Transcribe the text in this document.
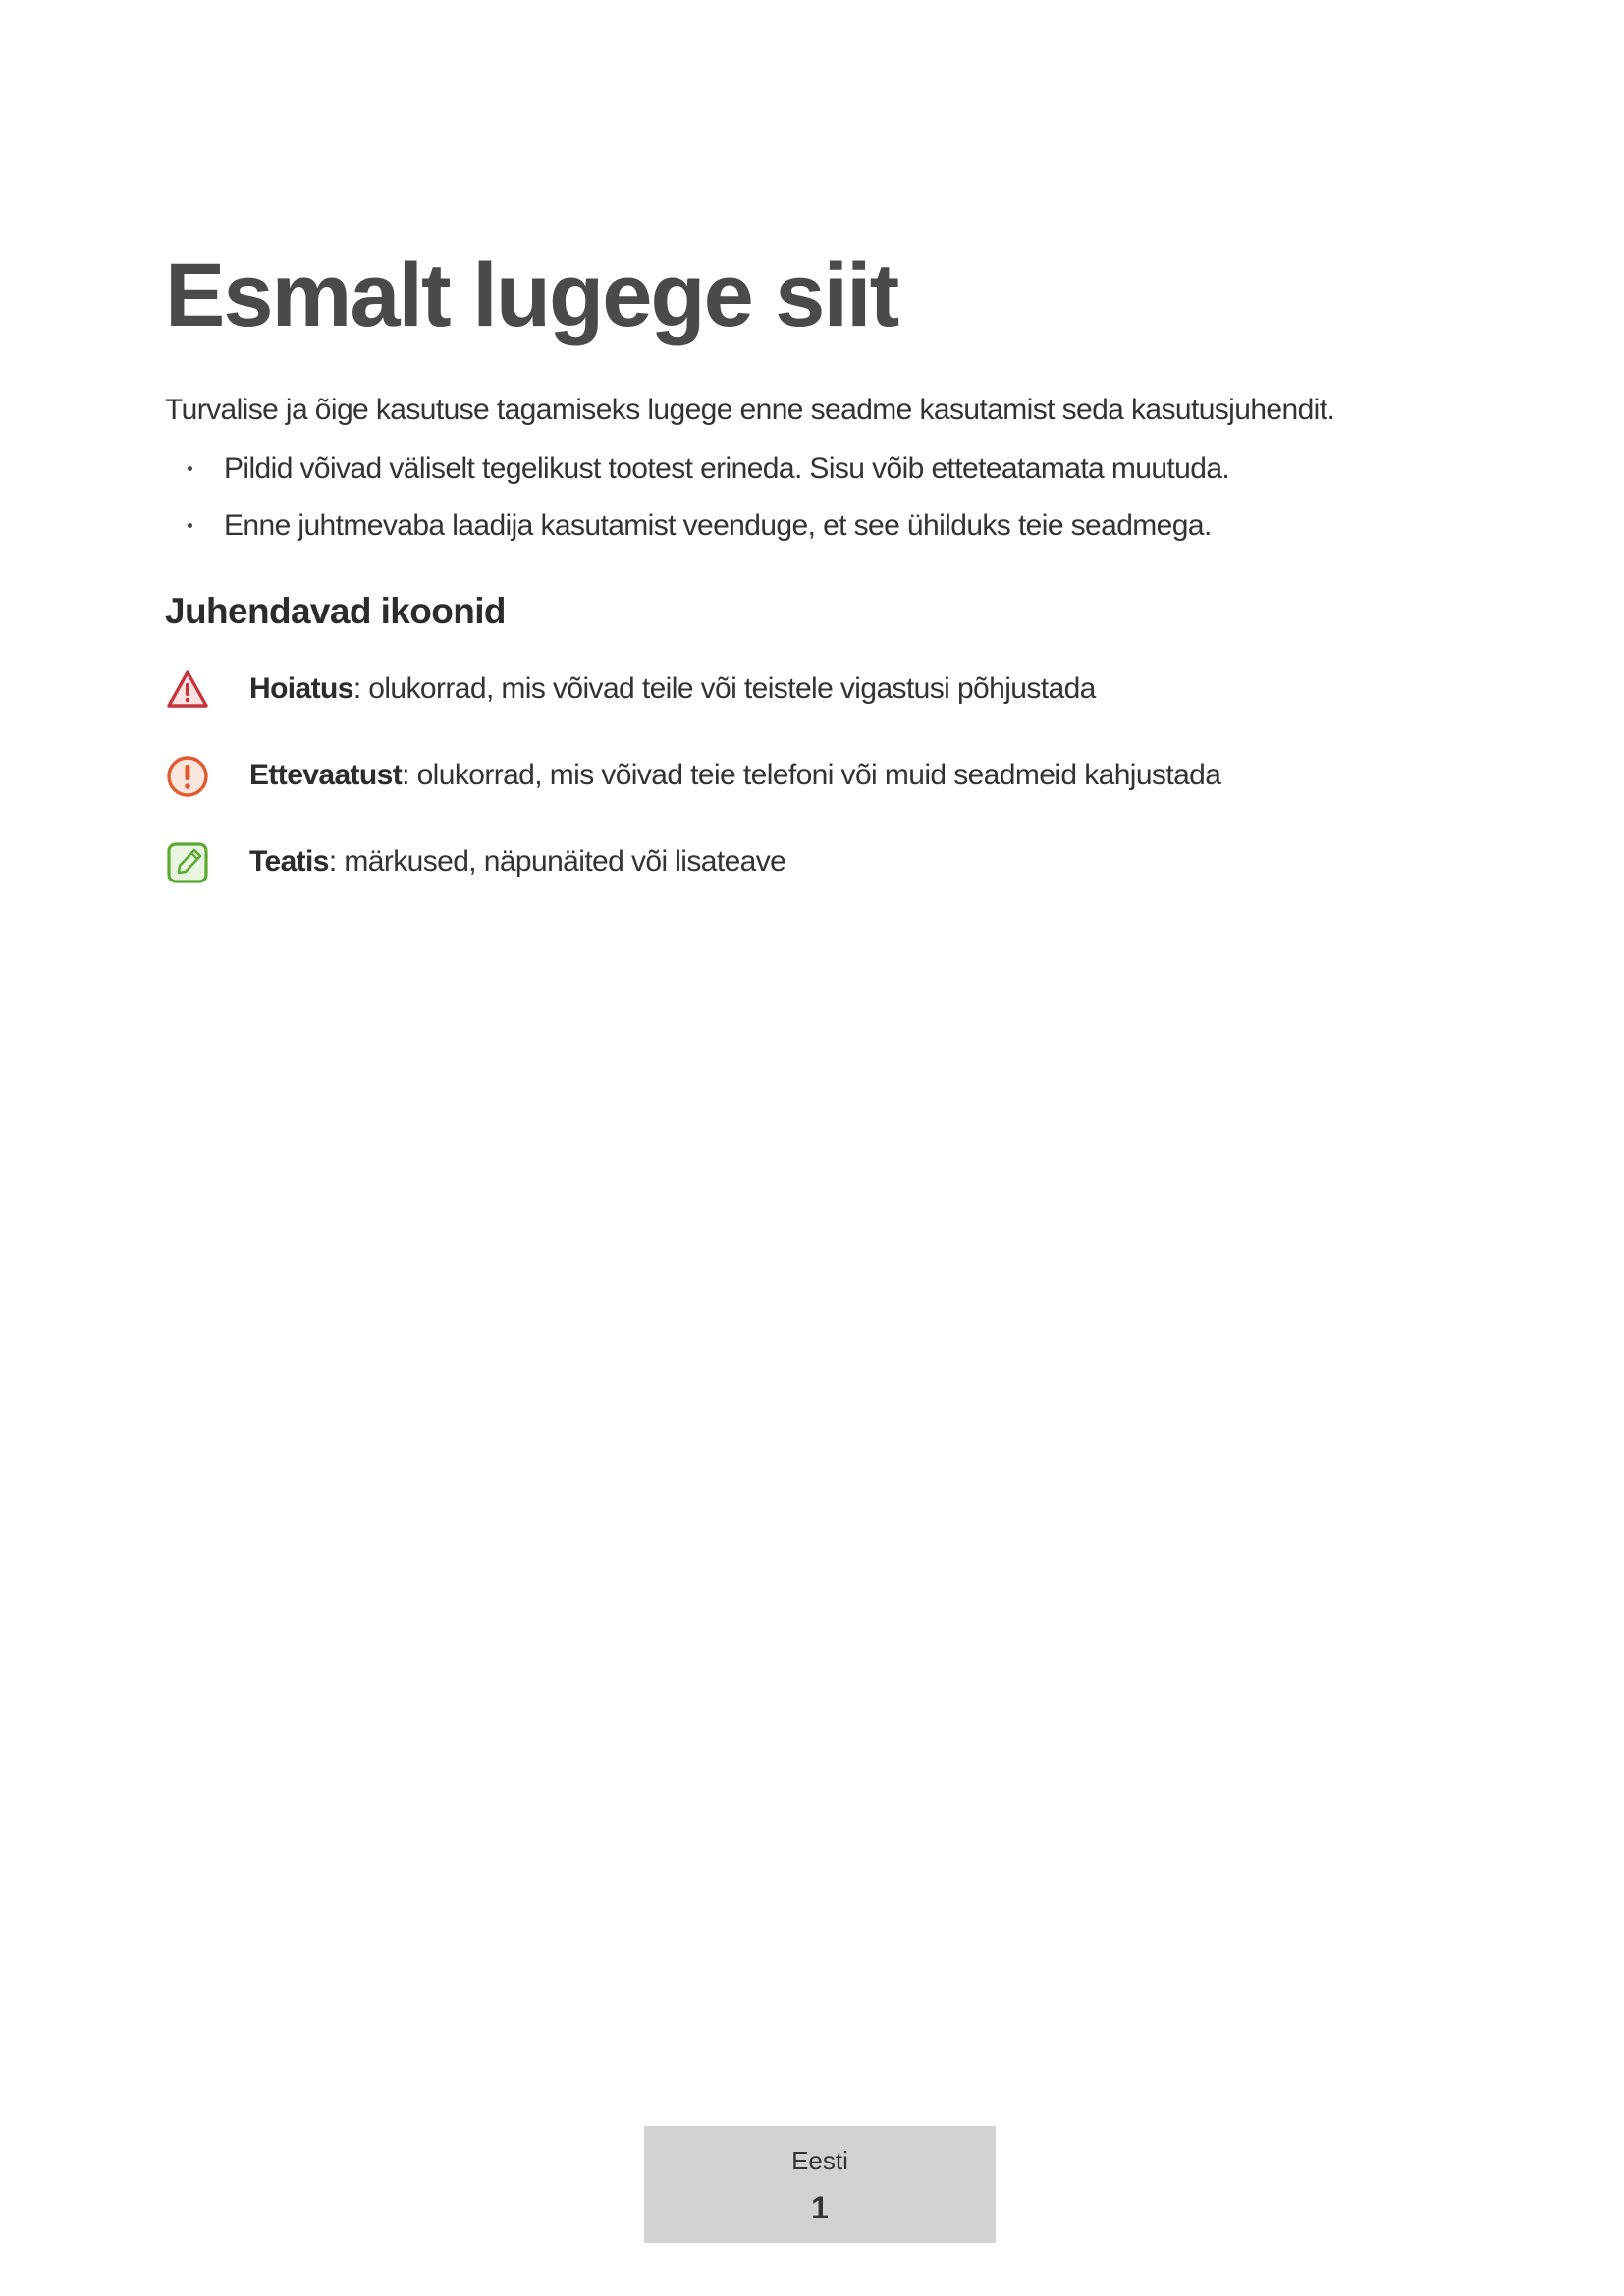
Esmalt lugege siit

Turvalise ja õige kasutuse tagamiseks lugege enne seadme kasutamist seda kasutusjuhendit.

Pildid võivad väliselt tegelikust tootest erineda. Sisu võib etteteatamata muutuda.
Enne juhtmevaba laadija kasutamist veenduge, et see ühilduks teie seadmega.
Juhendavad ikoonid
Hoiatus: olukorrad, mis võivad teile või teistele vigastusi põhjustada
Ettevaatust: olukorrad, mis võivad teie telefoni või muid seadmeid kahjustada
Teatis: märkused, näpunäited või lisateave
Eesti
1
